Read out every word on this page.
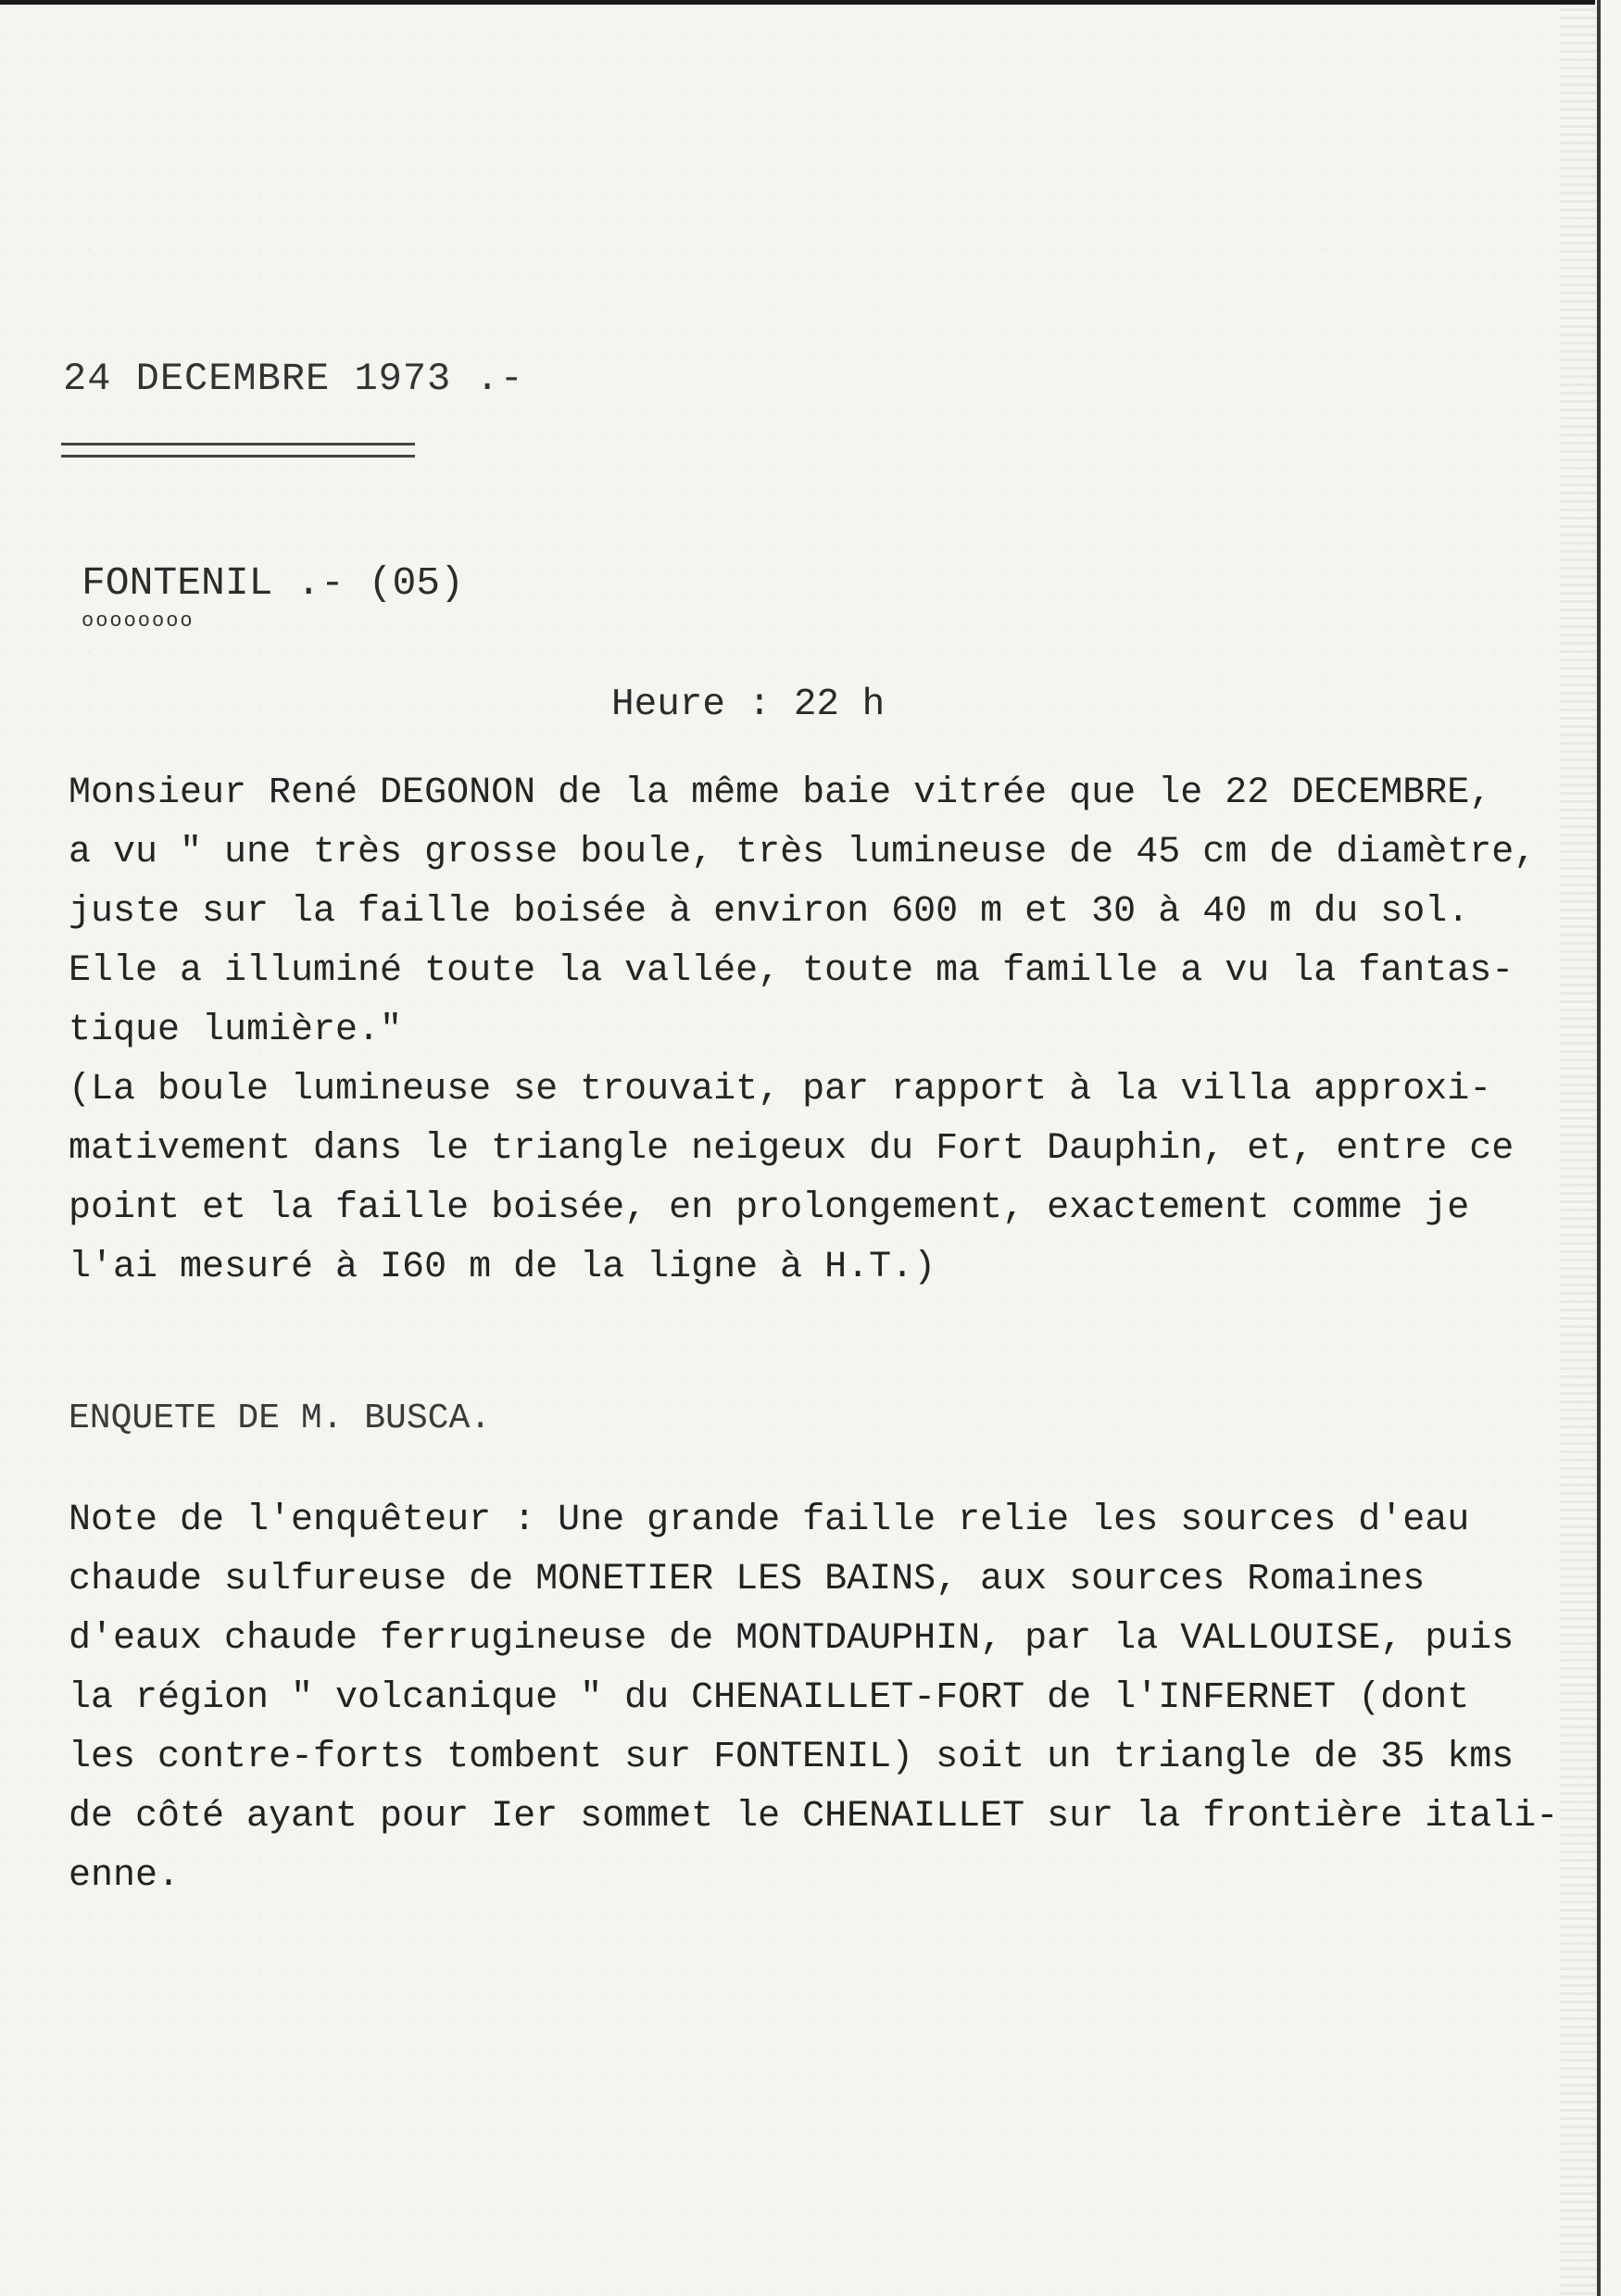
24 DECEMBRE 1973 .-
FONTENIL .- (05)
oooooooo
Heure : 22 h

Monsieur René DEGONON de la même baie vitrée que le 22 DECEMBRE,

a vu " une très grosse boule, très lumineuse de 45 cm de diamètre,

juste sur la faille boisée à environ 600 m et 30 à 40 m du sol.

Elle a illuminé toute la vallée, toute ma famille a vu la fantas-

tique lumière."

(La boule lumineuse se trouvait, par rapport à la villa approxi-

mativement dans le triangle neigeux du Fort Dauphin, et, entre ce

point et la faille boisée, en prolongement, exactement comme je

l'ai mesuré à I60 m de la ligne à H.T.)

ENQUETE DE M. BUSCA.

Note de l'enquêteur : Une grande faille relie les sources d'eau

chaude sulfureuse de MONETIER LES BAINS, aux sources Romaines

d'eaux chaude ferrugineuse de MONTDAUPHIN, par la VALLOUISE, puis

la région " volcanique " du CHENAILLET-FORT de l'INFERNET (dont

les contre-forts tombent sur FONTENIL) soit un triangle de 35 kms

de côté ayant pour Ier sommet le CHENAILLET sur la frontière itali-

enne.
